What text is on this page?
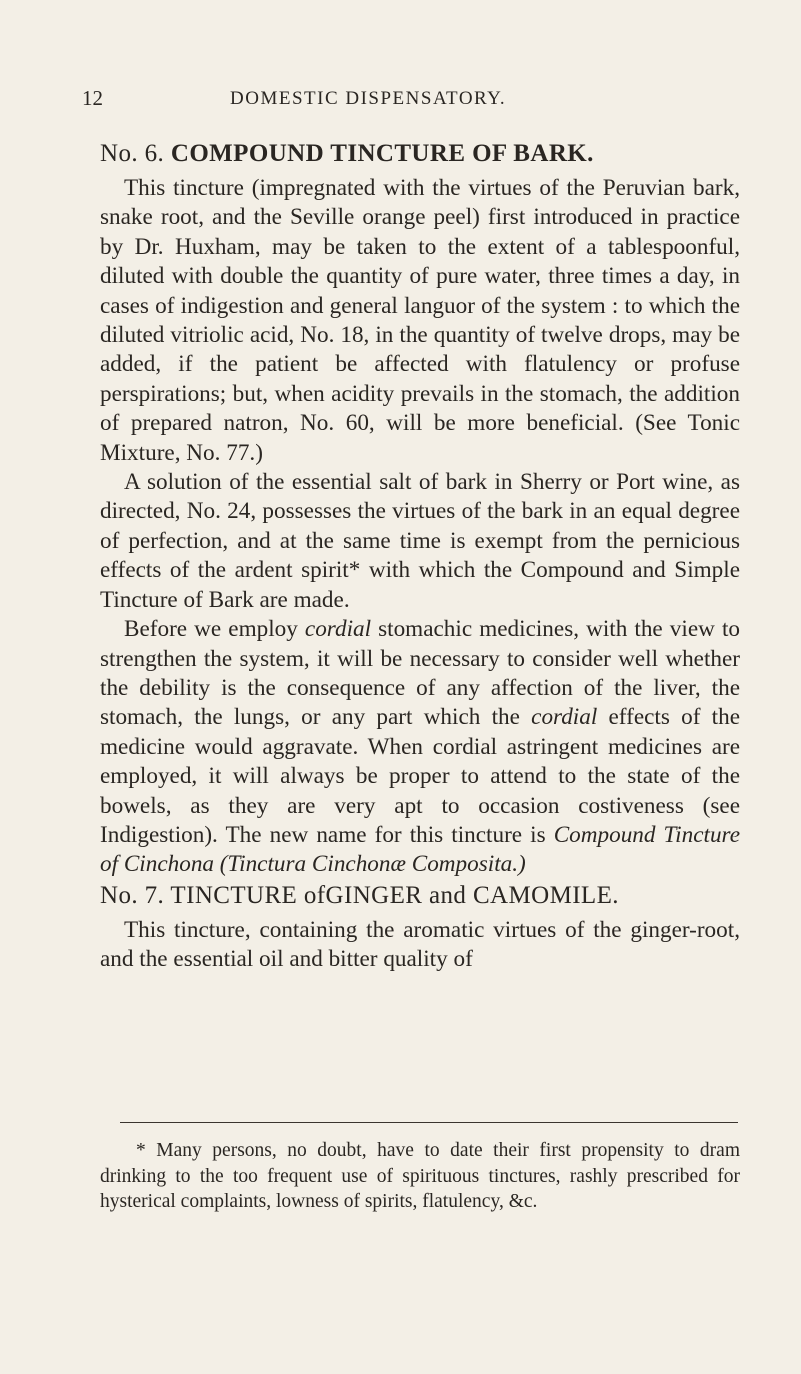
12	DOMESTIC DISPENSATORY.
No. 6. COMPOUND TINCTURE OF BARK.

This tincture (impregnated with the virtues of the Peruvian bark, snake root, and the Seville orange peel) first introduced in practice by Dr. Huxham, may be taken to the extent of a tablespoonful, diluted with double the quantity of pure water, three times a day, in cases of indigestion and general languor of the system : to which the diluted vitriolic acid, No. 18, in the quantity of twelve drops, may be added, if the patient be affected with flatulency or profuse perspirations; but, when acidity prevails in the stomach, the addition of prepared natron, No. 60, will be more beneficial. (See Tonic Mixture, No. 77.)

A solution of the essential salt of bark in Sherry or Port wine, as directed, No. 24, possesses the virtues of the bark in an equal degree of perfection, and at the same time is exempt from the pernicious effects of the ardent spirit* with which the Compound and Simple Tincture of Bark are made.

Before we employ cordial stomachic medicines, with the view to strengthen the system, it will be necessary to consider well whether the debility is the consequence of any affection of the liver, the stomach, the lungs, or any part which the cordial effects of the medicine would aggravate. When cordial astringent medicines are employed, it will always be proper to attend to the state of the bowels, as they are very apt to occasion costiveness (see Indigestion). The new name for this tincture is Compound Tincture of Cinchona (Tinctura Cinchonæ Composita.)

No. 7. TINCTURE ofGINGER and CAMOMILE.

This tincture, containing the aromatic virtues of the ginger-root, and the essential oil and bitter quality of

* Many persons, no doubt, have to date their first propensity to dram drinking to the too frequent use of spirituous tinctures, rashly prescribed for hysterical complaints, lowness of spirits, flatulency, &c.
